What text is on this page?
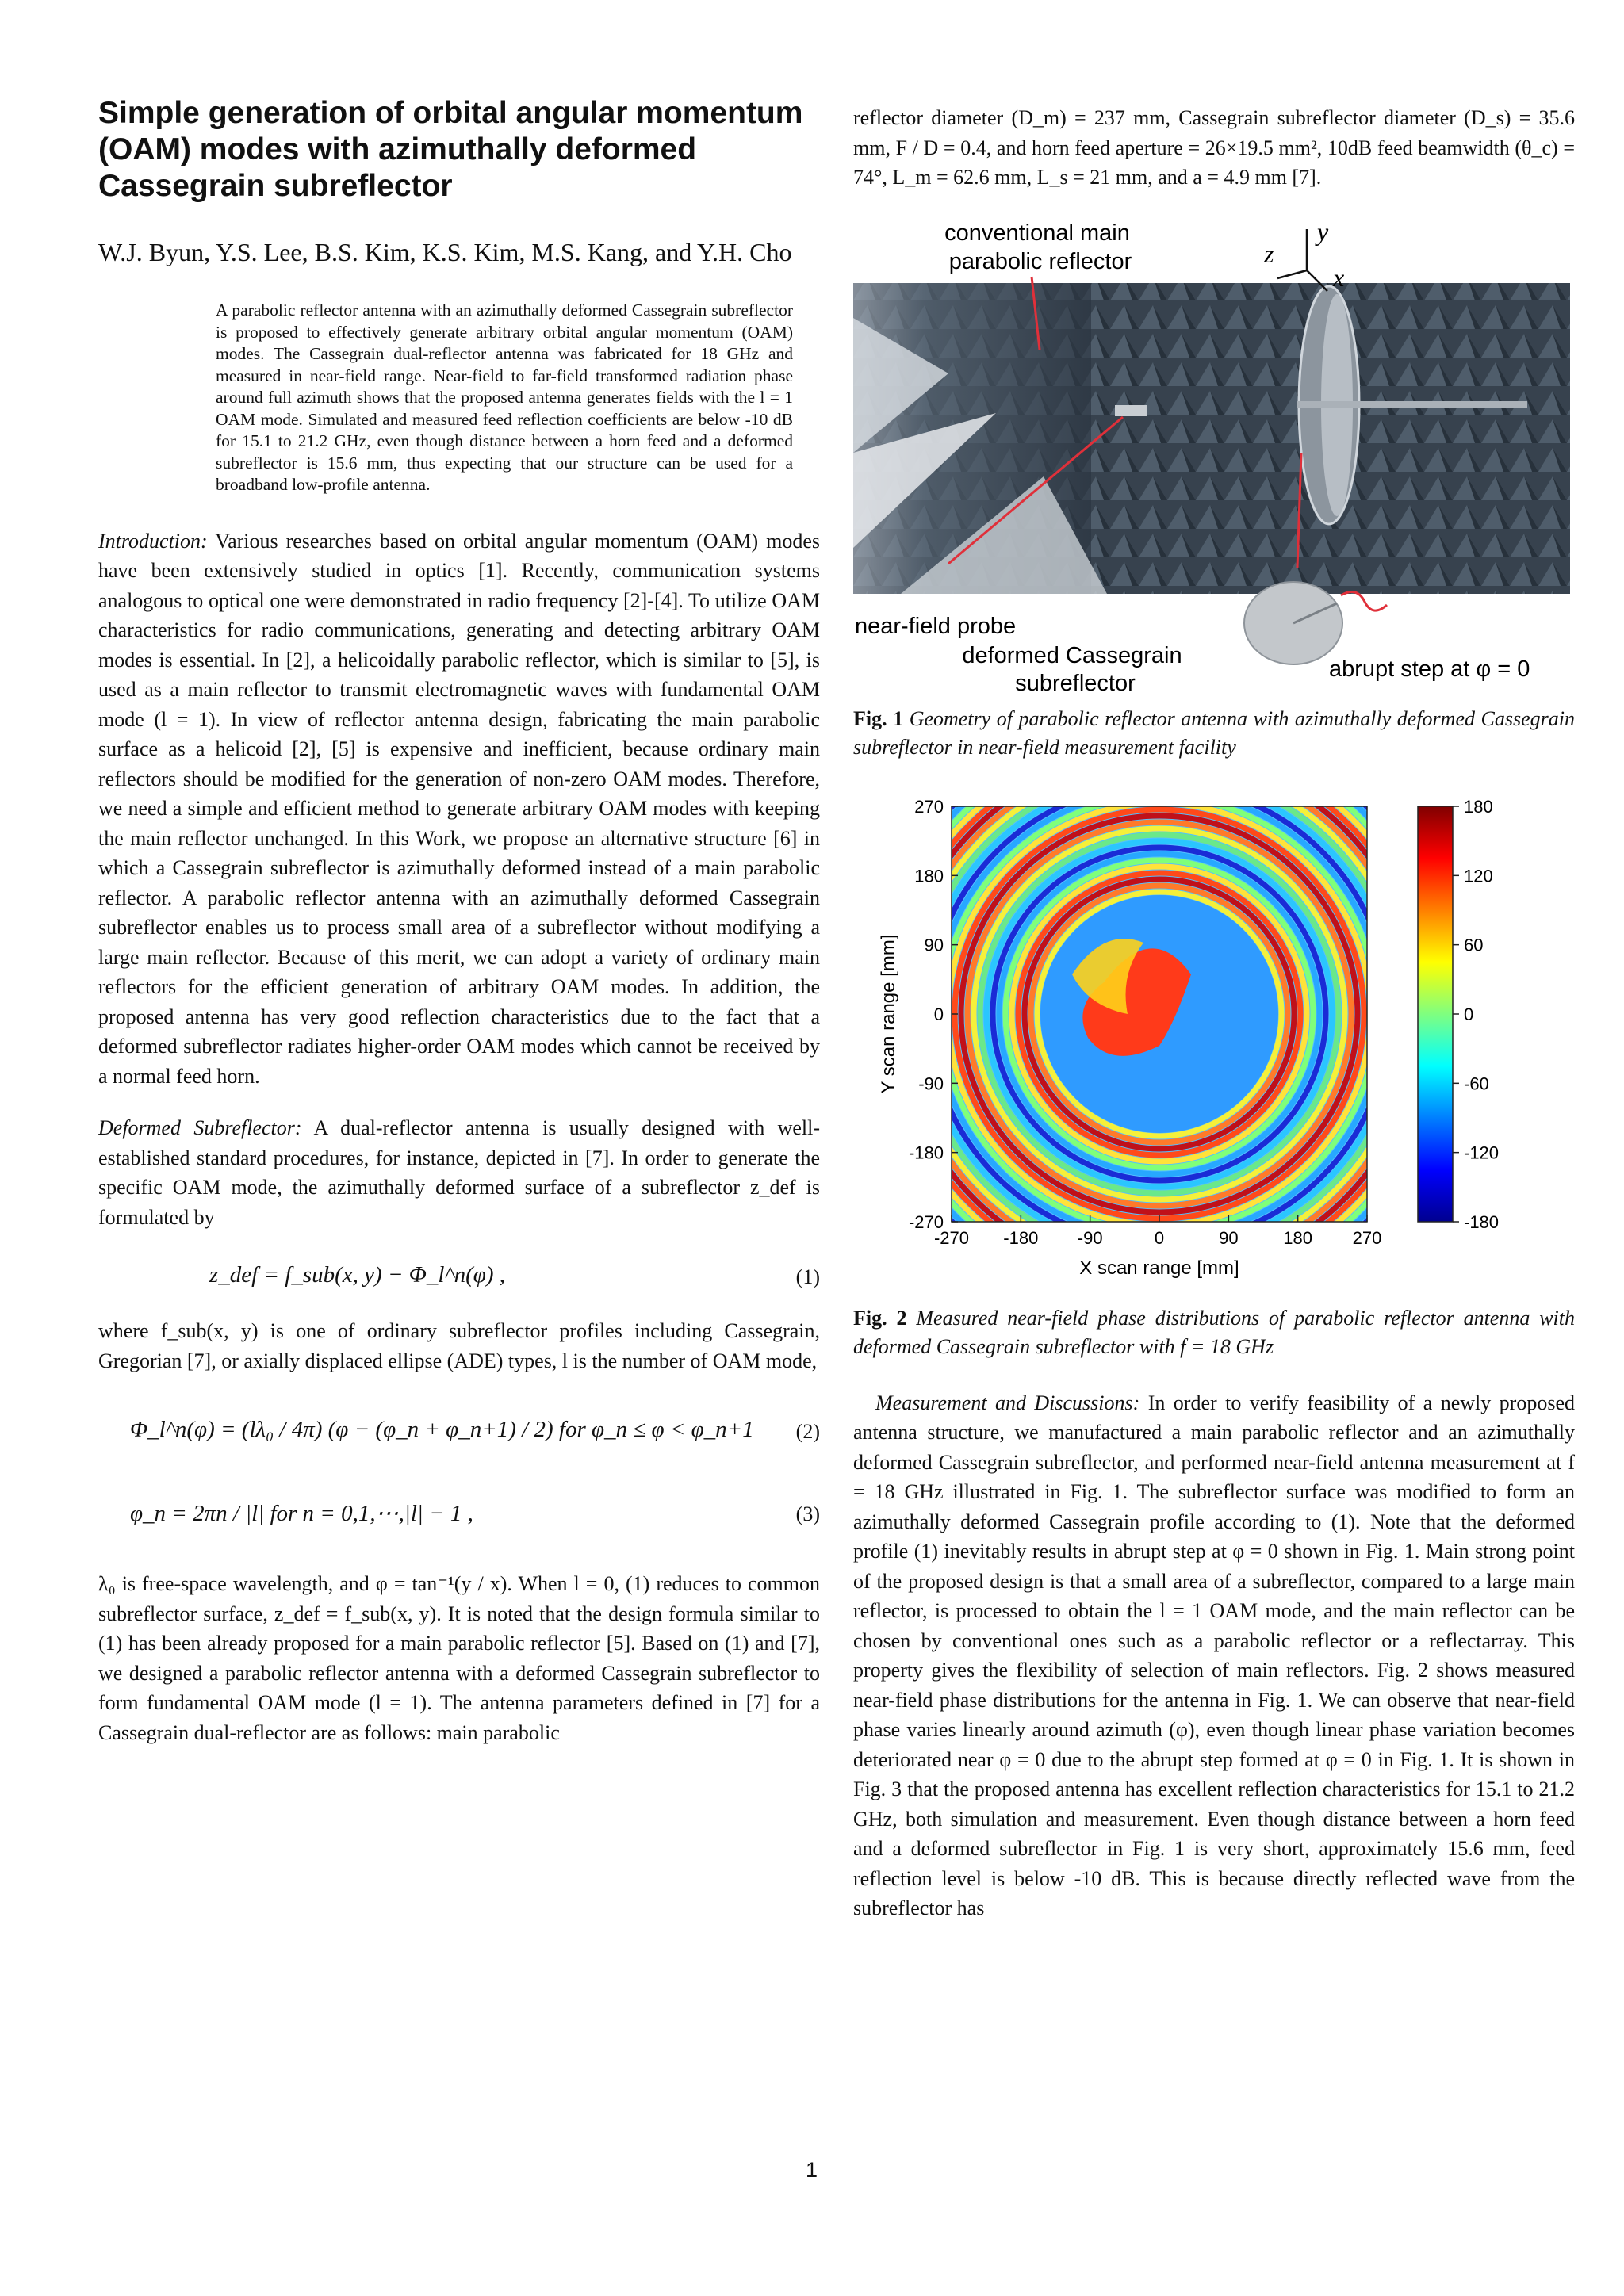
Simple generation of orbital angular momentum (OAM) modes with azimuthally deformed Cassegrain subreflector
W.J. Byun, Y.S. Lee, B.S. Kim, K.S. Kim, M.S. Kang, and Y.H. Cho
A parabolic reflector antenna with an azimuthally deformed Cassegrain subreflector is proposed to effectively generate arbitrary orbital angular momentum (OAM) modes. The Cassegrain dual-reflector antenna was fabricated for 18 GHz and measured in near-field range. Near-field to far-field transformed radiation phase around full azimuth shows that the proposed antenna generates fields with the l = 1 OAM mode. Simulated and measured feed reflection coefficients are below -10 dB for 15.1 to 21.2 GHz, even though distance between a horn feed and a deformed subreflector is 15.6 mm, thus expecting that our structure can be used for a broadband low-profile antenna.

Introduction: Various researches based on orbital angular momentum (OAM) modes have been extensively studied in optics [1]. Recently, communication systems analogous to optical one were demonstrated in radio frequency [2]-[4]. To utilize OAM characteristics for radio communications, generating and detecting arbitrary OAM modes is essential. In [2], a helicoidally parabolic reflector, which is similar to [5], is used as a main reflector to transmit electromagnetic waves with fundamental OAM mode (l = 1). In view of reflector antenna design, fabricating the main parabolic surface as a helicoid [2], [5] is expensive and inefficient, because ordinary main reflectors should be modified for the generation of non-zero OAM modes. Therefore, we need a simple and efficient method to generate arbitrary OAM modes with keeping the main reflector unchanged. In this Work, we propose an alternative structure [6] in which a Cassegrain subreflector is azimuthally deformed instead of a main parabolic reflector. A parabolic reflector antenna with an azimuthally deformed Cassegrain subreflector enables us to process small area of a subreflector without modifying a large main reflector. Because of this merit, we can adopt a variety of ordinary main reflectors for the efficient generation of arbitrary OAM modes. In addition, the proposed antenna has very good reflection characteristics due to the fact that a deformed subreflector radiates higher-order OAM modes which cannot be received by a normal feed horn.

Deformed Subreflector: A dual-reflector antenna is usually designed with well-established standard procedures, for instance, depicted in [7]. In order to generate the specific OAM mode, the azimuthally deformed surface of a subreflector z_def is formulated by

z_def = f_sub(x, y) − Φ_l^n(φ) ,	(1)

where f_sub(x, y) is one of ordinary subreflector profiles including Cassegrain, Gregorian [7], or axially displaced ellipse (ADE) types, l is the number of OAM mode,

Φ_l^n(φ) = (lλ₀ / 4π) (φ − (φ_n + φ_n+1) / 2) for φ_n ≤ φ < φ_n+1 (2)
φ_n = 2πn / |l| for n = 0,1,⋯,|l| − 1 ,	(3)

λ₀ is free-space wavelength, and φ = tan⁻¹(y / x). When l = 0, (1) reduces to common subreflector surface, z_def = f_sub(x, y). It is noted that the design formula similar to (1) has been already proposed for a main parabolic reflector [5]. Based on (1) and [7], we designed a parabolic reflector antenna with a deformed Cassegrain subreflector to form fundamental OAM mode (l = 1). The antenna parameters defined in [7] for a Cassegrain dual-reflector are as follows: main parabolic

reflector diameter (D_m) = 237 mm, Cassegrain subreflector diameter (D_s) = 35.6 mm, F / D = 0.4, and horn feed aperture = 26×19.5 mm², 10dB feed beamwidth (θ_c) = 74°, L_m = 62.6 mm, L_s = 21 mm, and a = 4.9 mm [7].

z
y
x
conventional main parabolic reflector
near-field probe
deformed Cassegrain subreflector
abrupt step at φ = 0

Fig. 1 Geometry of parabolic reflector antenna with azimuthally deformed Cassegrain subreflector in near-field measurement facility

-270 -180 -90	0	90	180 270
270
180
90
0
-90
-180
-270
180
120
60
0
-60
-120
-180
X scan range [mm]
Y scan range [mm]

Fig. 2 Measured near-field phase distributions of parabolic reflector antenna with deformed Cassegrain subreflector with f = 18 GHz

Measurement and Discussions: In order to verify feasibility of a newly proposed antenna structure, we manufactured a main parabolic reflector and an azimuthally deformed Cassegrain subreflector, and performed near-field antenna measurement at f = 18 GHz illustrated in Fig. 1. The subreflector surface was modified to form an azimuthally deformed Cassegrain profile according to (1). Note that the deformed profile (1) inevitably results in abrupt step at φ = 0 shown in Fig. 1. Main strong point of the proposed design is that a small area of a subreflector, compared to a large main reflector, is processed to obtain the l = 1 OAM mode, and the main reflector can be chosen by conventional ones such as a parabolic reflector or a reflectarray. This property gives the flexibility of selection of main reflectors. Fig. 2 shows measured near-field phase distributions for the antenna in Fig. 1. We can observe that near-field phase varies linearly around azimuth (φ), even though linear phase variation becomes deteriorated near φ = 0 due to the abrupt step formed at φ = 0 in Fig. 1. It is shown in Fig. 3 that the proposed antenna has excellent reflection characteristics for 15.1 to 21.2 GHz, both simulation and measurement. Even though distance between a horn feed and a deformed subreflector in Fig. 1 is very short, approximately 15.6 mm, feed reflection level is below -10 dB. This is because directly reflected wave from the subreflector has

1
